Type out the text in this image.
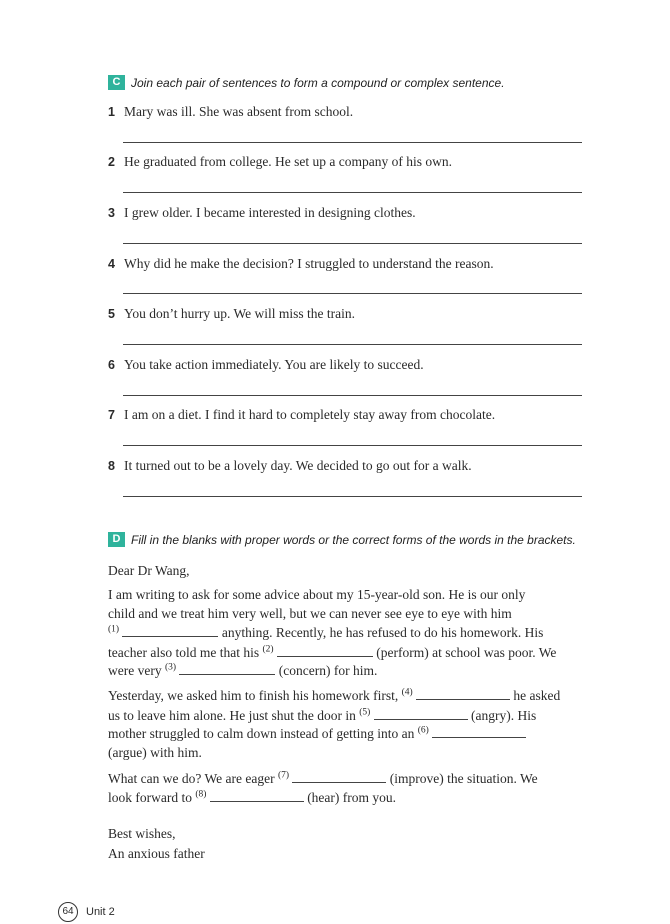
C Join each pair of sentences to form a compound or complex sentence.
1 Mary was ill. She was absent from school.
2 He graduated from college. He set up a company of his own.
3 I grew older. I became interested in designing clothes.
4 Why did he make the decision? I struggled to understand the reason.
5 You don’t hurry up. We will miss the train.
6 You take action immediately. You are likely to succeed.
7 I am on a diet. I find it hard to completely stay away from chocolate.
8 It turned out to be a lovely day. We decided to go out for a walk.
D Fill in the blanks with proper words or the correct forms of the words in the brackets.
Dear Dr Wang,
I am writing to ask for some advice about my 15-year-old son. He is our only
child and we treat him very well, but we can never see eye to eye with him
$^{(1)}$	anything. Recently, he has refused to do his homework. His
teacher also told me that his $^{(2)}$	(perform) at school was poor. We
were very $^{(3)}$	(concern) for him.
Yesterday, we asked him to finish his homework first, $^{(4)}$	he asked
us to leave him alone. He just shut the door in $^{(5)}$	(angry). His
mother struggled to calm down instead of getting into an $^{(6)}$
(argue) with him.
What can we do? We are eager $^{(7)}$	(improve) the situation. We
look forward to $^{(8)}$	(hear) from you.
Best wishes,
An anxious father
64	Unit 2
